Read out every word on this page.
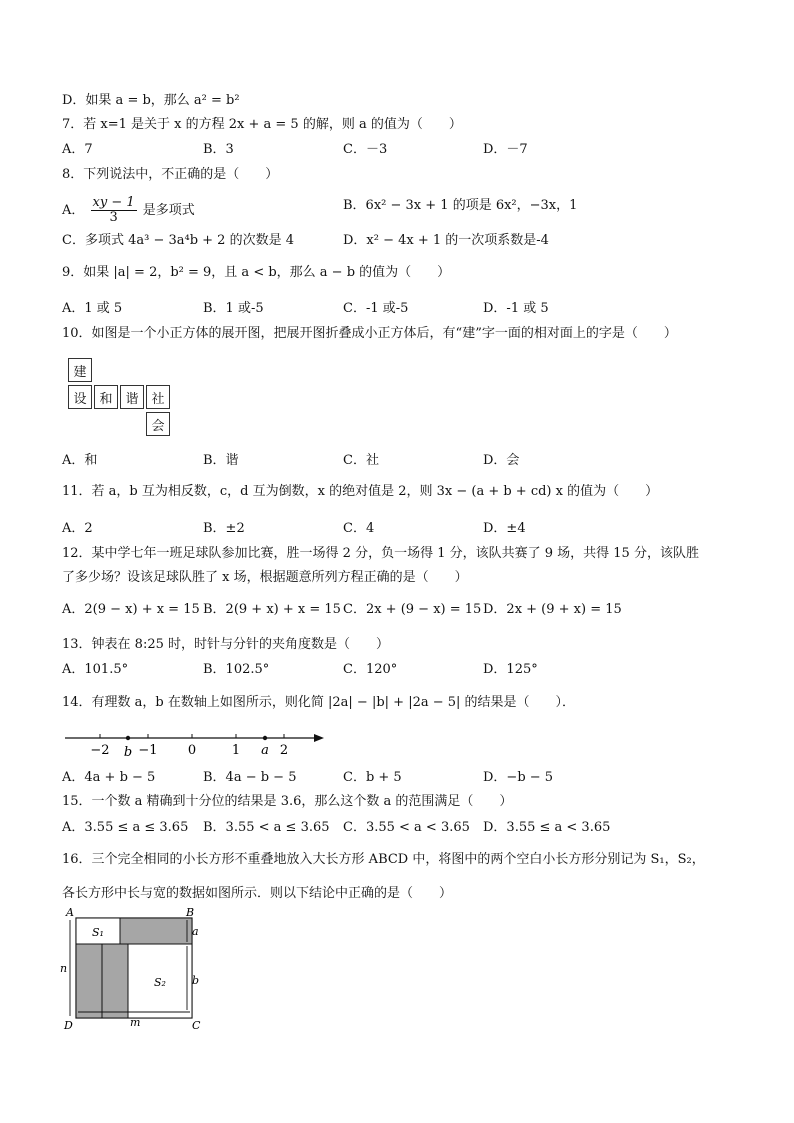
D．如果 a = b，那么 a² = b²
7．若 x=1 是关于 x 的方程 2x + a = 5 的解，则 a 的值为（　　）
A．7	B．3	C．－3	D．－7
8．下列说法中，不正确的是（　　）
A． $\frac{xy - 1}{3}$ 是多项式	B．6x² − 3x + 1 的项是 6x²，−3x，1
C．多项式 4a³ − 3a⁴b + 2 的次数是 4	D．x² − 4x + 1 的一次项系数是-4
9．如果 |a| = 2，b² = 9，且 a < b，那么 a − b 的值为（　　）
A．1 或 5	B．1 或-5	C．-1 或-5	D．-1 或 5
10．如图是一个小正方体的展开图，把展开图折叠成小正方体后，有“建”字一面的相对面上的字是（　　）
建
设 和 谐 社
会
A．和	B．谐	C．社	D．会
11．若 a，b 互为相反数，c，d 互为倒数，x 的绝对值是 2，则 3x − (a + b + cd) x 的值为（　　）
A．2	B．±2	C．4	D．±4
12．某中学七年一班足球队参加比赛，胜一场得 2 分，负一场得 1 分，该队共赛了 9 场，共得 15 分，该队胜
了多少场？设该足球队胜了 x 场，根据题意所列方程正确的是（　　）
A．2(9 − x) + x = 15 B．2(9 + x) + x = 15 C．2x + (9 − x) = 15 D．2x + (9 + x) = 15
13．钟表在 8:25 时，时针与分针的夹角度数是（　　）
A．101.5°	B．102.5°	C．120°	D．125°
14．有理数 a，b 在数轴上如图所示，则化简 |2a| − |b| + |2a − 5| 的结果是（　　）．
−2 −1 0	1	2
b	a
A．4a + b − 5	B．4a − b − 5	C．b + 5	D．−b − 5
15．一个数 a 精确到十分位的结果是 3.6，那么这个数 a 的范围满足（　　）
A．3.55 ≤ a ≤ 3.65 B．3.55 < a ≤ 3.65 C．3.55 < a < 3.65 D．3.55 ≤ a < 3.65
16．三个完全相同的小长方形不重叠地放入大长方形 ABCD 中，将图中的两个空白小长方形分别记为 S₁，S₂，
各长方形中长与宽的数据如图所示．则以下结论中正确的是（　　）
A	B
C
D
S₁
S₂
a
b
n
m
